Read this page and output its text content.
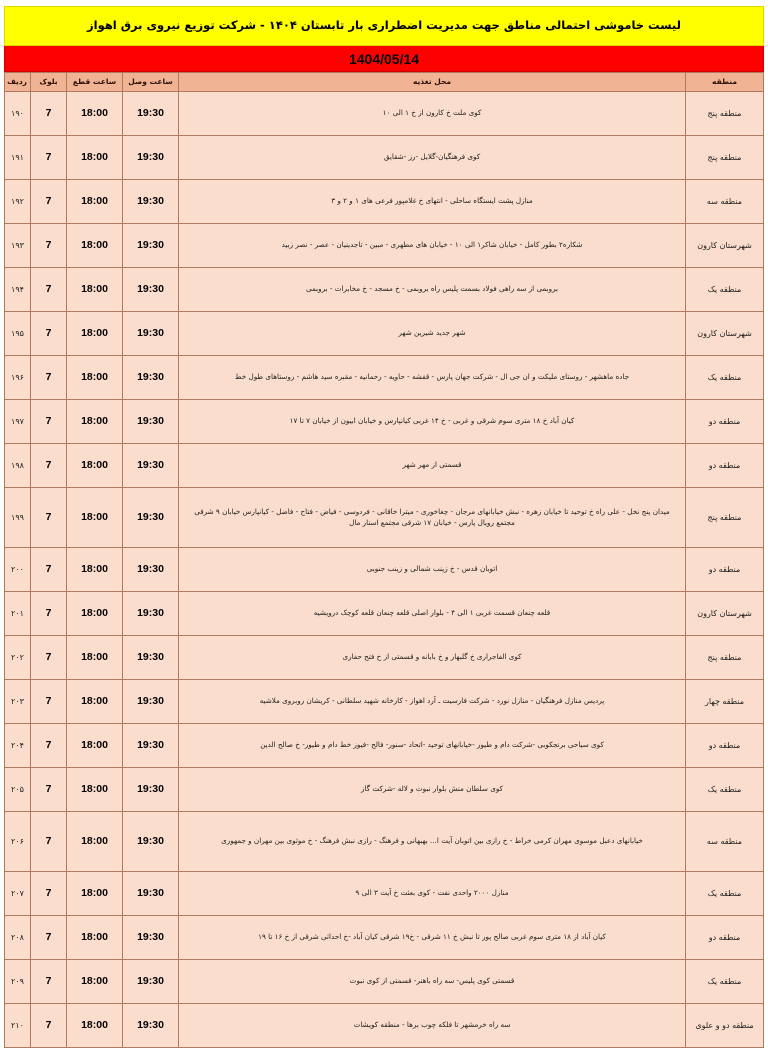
لیست خاموشی احتمالی مناطق جهت مدیریت اضطراری بار تابستان ۱۴۰۴ - شرکت توزیع نیروی برق اهواز
1404/05/14
منطقه	محل تغذیه	ساعت وصل	ساعت قطع	بلوک	ردیف
منطقه پنج	کوی ملت خ کارون از خ ۱ الی ۱۰	19:30	18:00	7	۱۹۰
منطقه پنج	کوی فرهنگیان-گلایل -رز -شقایق	19:30	18:00	7	۱۹۱
منطقه سه	منازل پشت ایستگاه ساحلی - انتهای خ غلامپور فرعی های ۱ و ۲ و ۳	19:30	18:00	7	۱۹۲
شهرستان کارون	شکاره۲ بطور کامل - خیابان شاکر۱ الی ۱۰ - خیابان های مطهری - مبین - تاجدینیان - عصر - نصر زبید	19:30	18:00	7	۱۹۳
منطقه یک	بروبمی از سه راهی فولاد بسمت پلیس راه بروبمی - خ مسجد - خ مخابرات - بروبمی	19:30	18:00	7	۱۹۴
شهرستان کارون	شهر جدید شیرین شهر	19:30	18:00	7	۱۹۵
منطقه یک	جاده ماهشهر - روستای ملیکت و ان جی ال - شرکت جهان پارس - قفشه - حاویه - رحمانیه - مقبره سید هاشم - روستاهای طول خط	19:30	18:00	7	۱۹۶
منطقه دو	کیان آباد خ ۱۸ متری سوم شرقی و غربی - خ ۱۴ غربی کیانپارس و خیابان ابیون از خیابان ۷ تا ۱۷	19:30	18:00	7	۱۹۷
منطقه دو	قسمتی از مهر شهر	19:30	18:00	7	۱۹۸
منطقه پنج	میدان پنج نخل - علی راه خ توحید تا خیابان زهره - نبش خیابانهای مرجان - چغاخوری - میترا خاقانی - فردوسی - فیاض - فتاح - فاضل - کیانپارس خیابان ۹ شرقی مجتمع رویال پارس - خیابان ۱۷ شرقی مجتمع اسنار مال	19:30	18:00	7	۱۹۹
منطقه دو	اتوبان قدس - خ زینب شمالی و زینب جنوبی	19:30	18:00	7	۲۰۰
شهرستان کارون	قلعه چنعان قسمت غربی ۱ الی ۴ - بلوار اصلی قلعه چنعان قلعه کوچک درویشیه	19:30	18:00	7	۲۰۱
منطقه پنج	کوی الفاجراری خ گلبهار و خ بابانه و قسمتی از خ فتح حفاری	19:30	18:00	7	۲۰۲
منطقه چهار	پردیس منازل فرهنگیان - منازل نورد - شرکت فارسیت ـ آرد اهواز - کارخانه شهید سلطانی - کریشان روبروی ملاشیه	19:30	18:00	7	۲۰۳
منطقه دو	کوی سیاحی برنجکوبی -شرکت دام و طیور -خیابانهای توحید -اتحاد -سنور- فالح -فیوز خط دام و طیور- خ صالح الدین	19:30	18:00	7	۲۰۴
منطقه یک	کوی سلطان منش بلوار نبوت و لاله -شرکت گاز	19:30	18:00	7	۲۰۵
منطقه سه	خیابانهای دعبل موسوی مهران کرمی خراط - خ رازی بین اتوبان آیت ا... بهبهانی و فرهنگ - رازی نبش فرهنگ - خ موثوی بین مهران و جمهوری	19:30	18:00	7	۲۰۶
منطقه یک	منازل ۲۰۰۰ واحدی نفت - کوی بعثت خ آیت ۳ الی ۹	19:30	18:00	7	۲۰۷
منطقه دو	کیان آباد از ۱۸ متری سوم غربی صالح پور تا نبش خ ۱۱ شرقی - خ۱۹ شرقی کیان آباد -خ احداثی شرقی از خ ۱۶ تا ۱۹	19:30	18:00	7	۲۰۸
منطقه یک	قسمتی کوی پلیس- سه راه باهنر- قسمتی از کوی نبوت	19:30	18:00	7	۲۰۹
منطقه دو و علوی	سه راه خرمشهر تا فلکه چوب برها - منطقه کویشات	19:30	18:00	7	۲۱۰
